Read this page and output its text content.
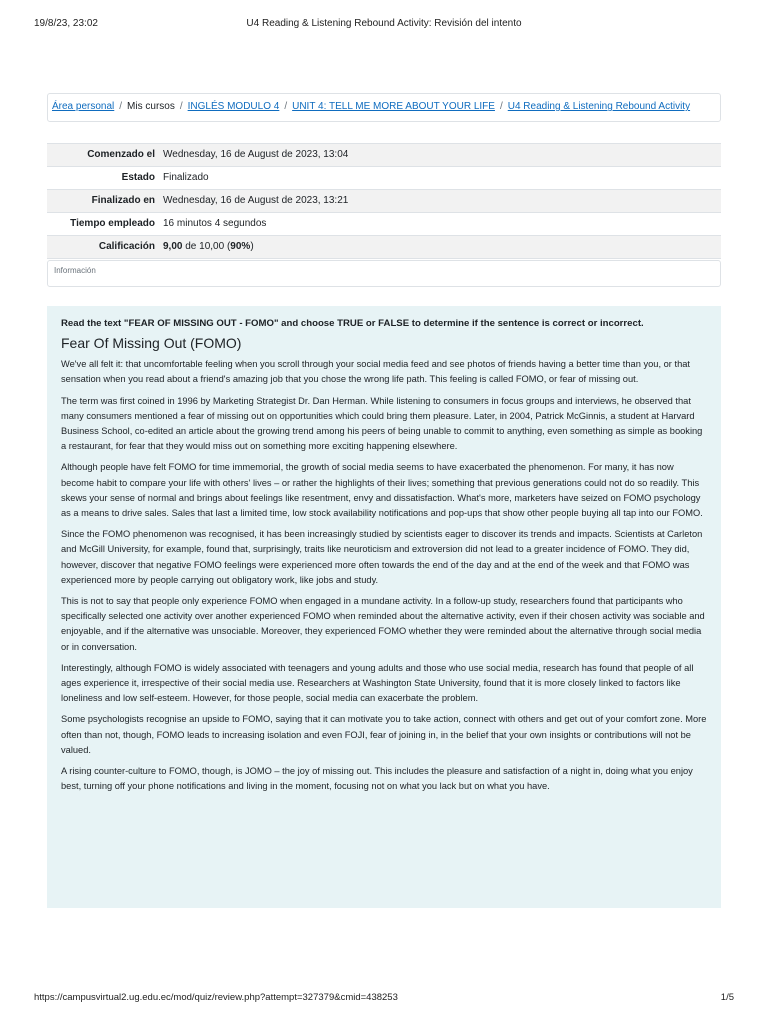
19/8/23, 23:02	U4 Reading & Listening Rebound Activity: Revisión del intento
Área personal / Mis cursos / INGLÉS MODULO 4 / UNIT 4: TELL ME MORE ABOUT YOUR LIFE / U4 Reading & Listening Rebound Activity
Comenzado el	Wednesday, 16 de August de 2023, 13:04
Estado	Finalizado
Finalizado en	Wednesday, 16 de August de 2023, 13:21
Tiempo empleado	16 minutos 4 segundos
Calificación	9,00 de 10,00 (90%)
Información

Read the text "FEAR OF MISSING OUT - FOMO" and choose TRUE or FALSE to determine if the sentence is correct or incorrect.

Fear Of Missing Out (FOMO)

We've all felt it: that uncomfortable feeling when you scroll through your social media feed and see photos of friends having a better time than you, or that sensation when you read about a friend's amazing job that you chose the wrong life path. This feeling is called FOMO, or fear of missing out.

The term was first coined in 1996 by Marketing Strategist Dr. Dan Herman. While listening to consumers in focus groups and interviews, he observed that many consumers mentioned a fear of missing out on opportunities which could bring them pleasure. Later, in 2004, Patrick McGinnis, a student at Harvard Business School, co-edited an article about the growing trend among his peers of being unable to commit to anything, even something as simple as booking a restaurant, for fear that they would miss out on something more exciting happening elsewhere.

Although people have felt FOMO for time immemorial, the growth of social media seems to have exacerbated the phenomenon. For many, it has now become habit to compare your life with others' lives – or rather the highlights of their lives; something that previous generations could not do so readily. This skews your sense of normal and brings about feelings like resentment, envy and dissatisfaction. What's more, marketers have seized on FOMO psychology as a means to drive sales. Sales that last a limited time, low stock availability notifications and pop-ups that show other people buying all tap into our FOMO.

Since the FOMO phenomenon was recognised, it has been increasingly studied by scientists eager to discover its trends and impacts. Scientists at Carleton and McGill University, for example, found that, surprisingly, traits like neuroticism and extroversion did not lead to a greater incidence of FOMO. They did, however, discover that negative FOMO feelings were experienced more often towards the end of the day and at the end of the week and that FOMO was experienced more by people carrying out obligatory work, like jobs and study.

This is not to say that people only experience FOMO when engaged in a mundane activity. In a follow-up study, researchers found that participants who specifically selected one activity over another experienced FOMO when reminded about the alternative activity, even if their chosen activity was sociable and enjoyable, and if the alternative was unsociable. Moreover, they experienced FOMO whether they were reminded about the alternative through social media or in conversation.

Interestingly, although FOMO is widely associated with teenagers and young adults and those who use social media, research has found that people of all ages experience it, irrespective of their social media use. Researchers at Washington State University, found that it is more closely linked to factors like loneliness and low self-esteem. However, for those people, social media can exacerbate the problem.

Some psychologists recognise an upside to FOMO, saying that it can motivate you to take action, connect with others and get out of your comfort zone. More often than not, though, FOMO leads to increasing isolation and even FOJI, fear of joining in, in the belief that your own insights or contributions will not be valued.

A rising counter-culture to FOMO, though, is JOMO – the joy of missing out. This includes the pleasure and satisfaction of a night in, doing what you enjoy best, turning off your phone notifications and living in the moment, focusing not on what you lack but on what you have.

https://campusvirtual2.ug.edu.ec/mod/quiz/review.php?attempt=327379&cmid=438253	1/5
